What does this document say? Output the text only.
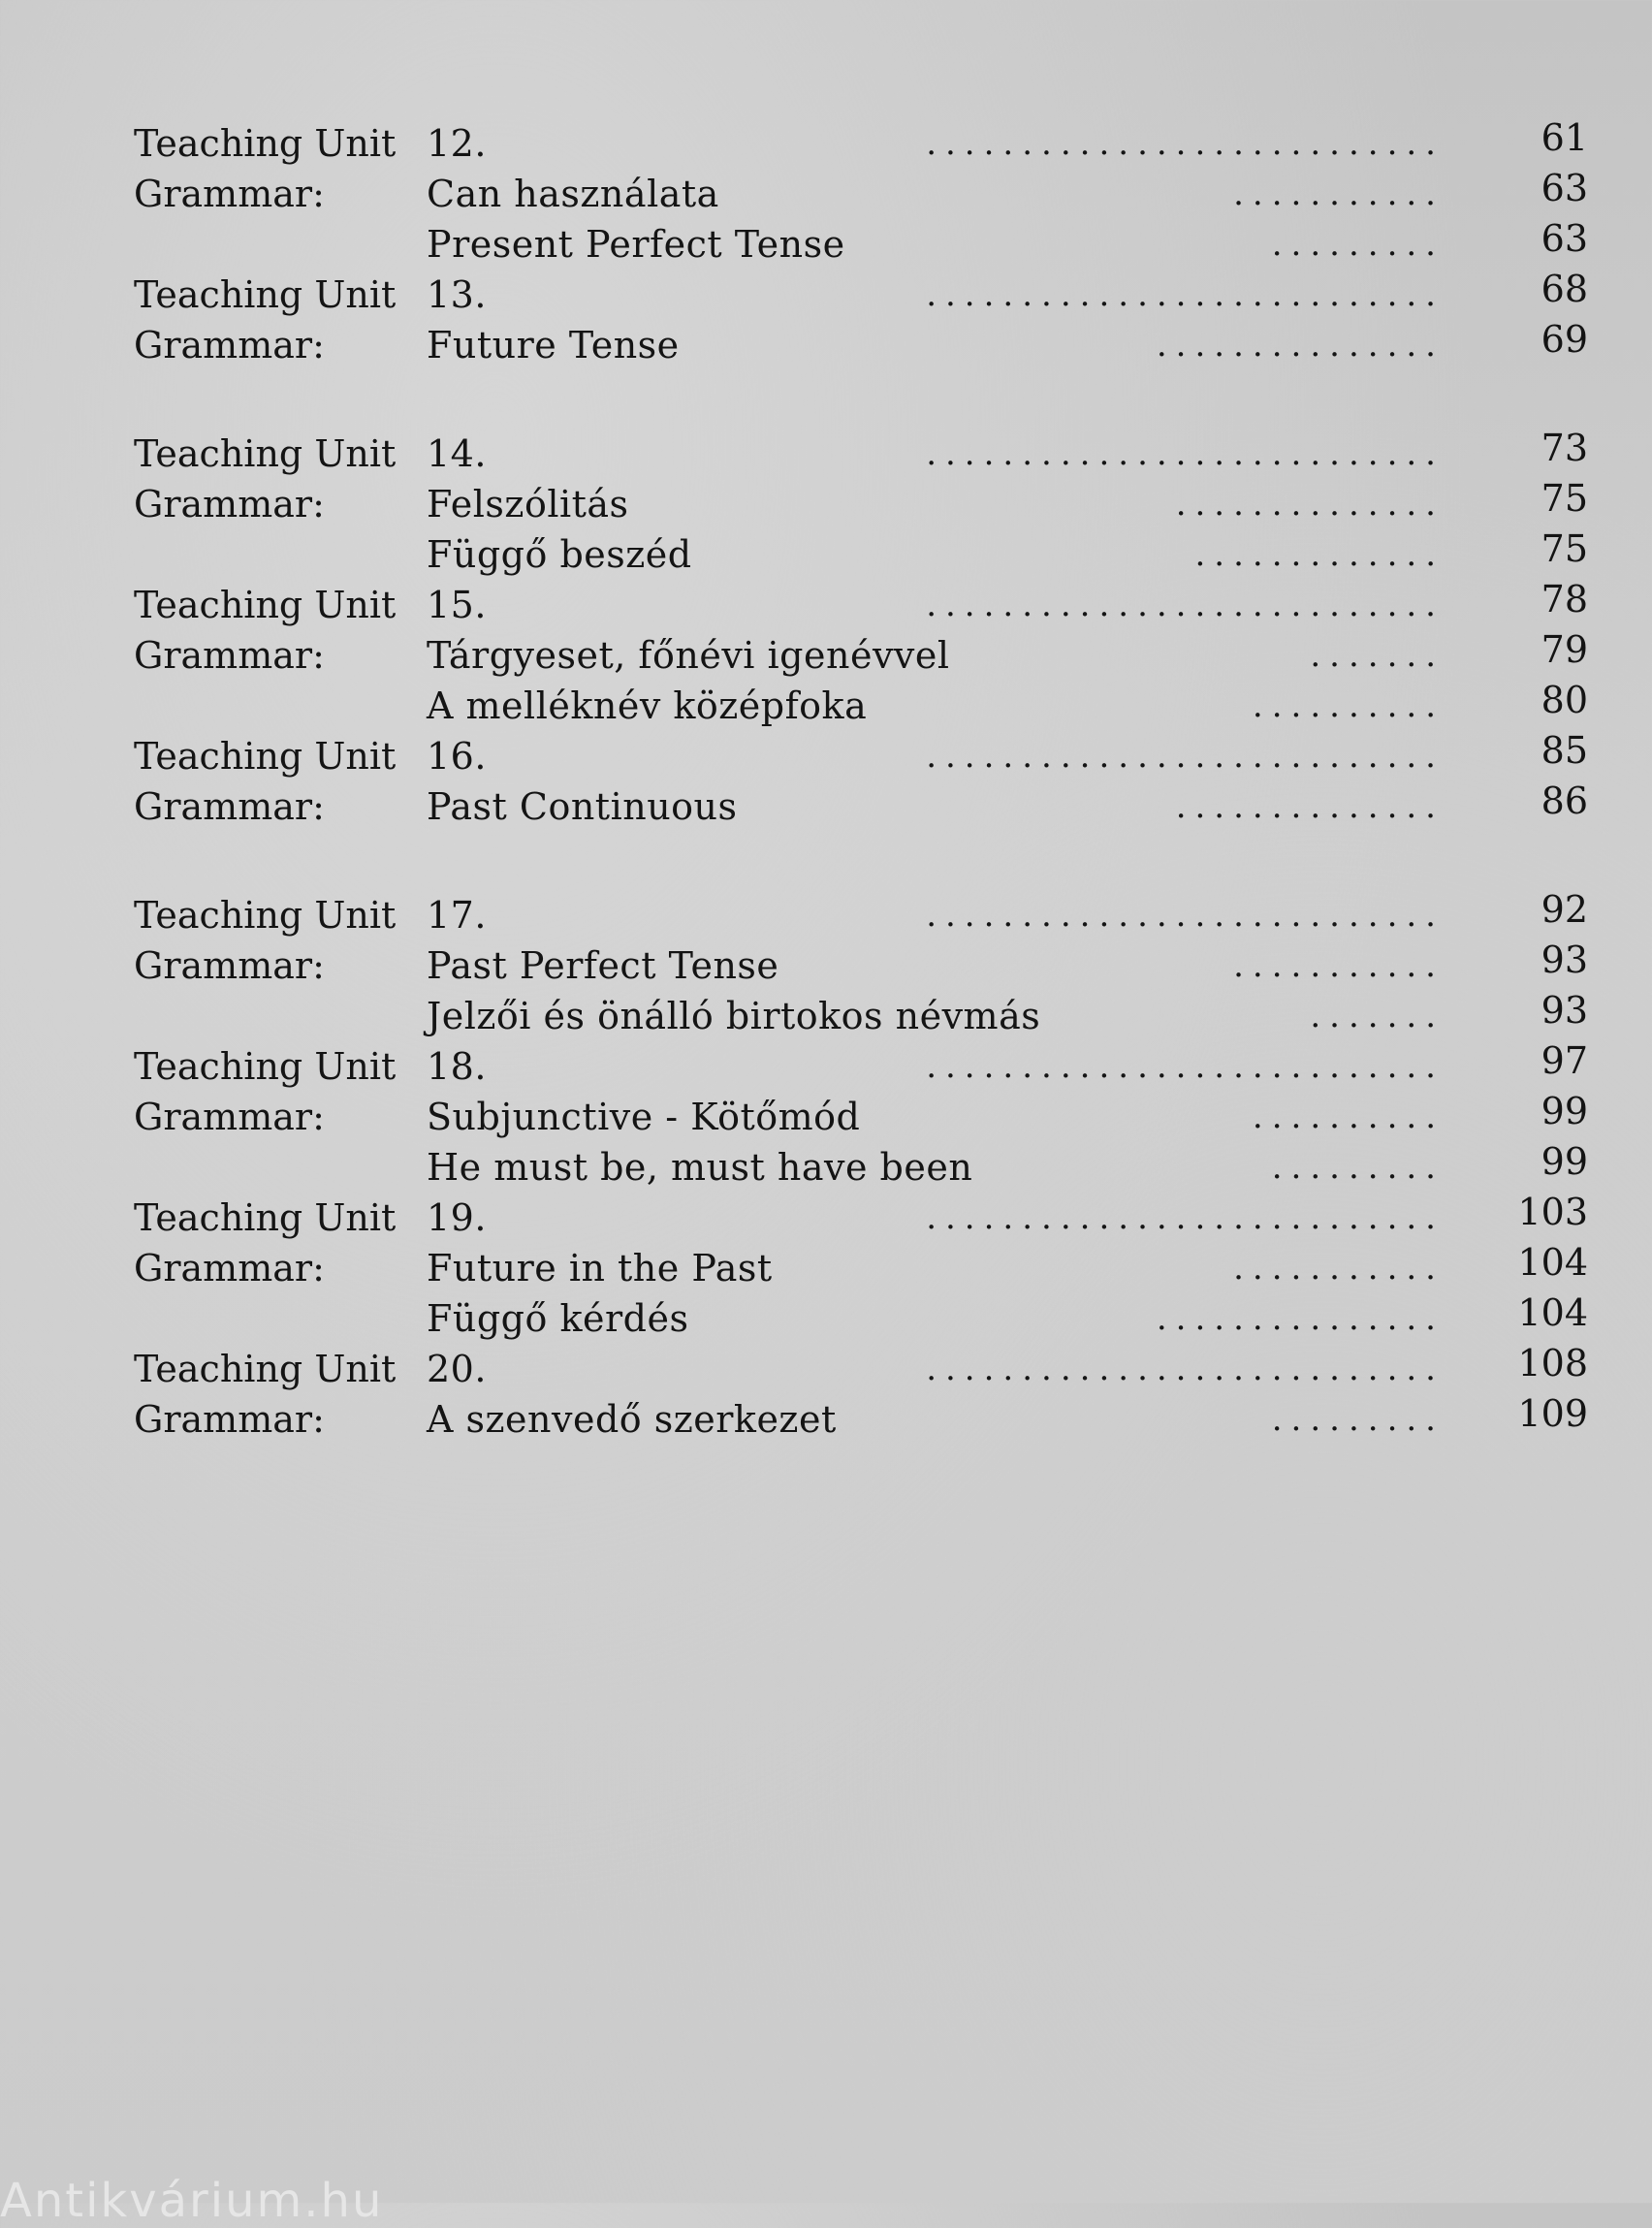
Teaching Unit 12.	...........................	61
Grammar:	Can használata	...........	63
Present Perfect Tense	.........	63
Teaching Unit 13.	...........................	68
Grammar:	Future Tense	...............	69
Teaching Unit 14.	...........................	73
Grammar:	Felszólitás	..............	75
Függő beszéd	.............	75
Teaching Unit 15.	...........................	78
Grammar:	Tárgyeset, főnévi igenévvel	.......	79
A melléknév középfoka	..........	80
Teaching Unit 16.	...........................	85
Grammar:	Past Continuous	..............	86
Teaching Unit 17.	...........................	92
Grammar:	Past Perfect Tense	...........	93
Jelzői és önálló birtokos névmás	.......	93
Teaching Unit 18.	...........................	97
Grammar:	Subjunctive - Kötőmód	..........	99
He must be, must have been	.........	99
Teaching Unit 19.	...........................	103
Grammar:	Future in the Past	...........	104
Függő kérdés	...............	104
Teaching Unit 20.	...........................	108
Grammar:	A szenvedő szerkezet	.........	109
Antikvárium.hu
